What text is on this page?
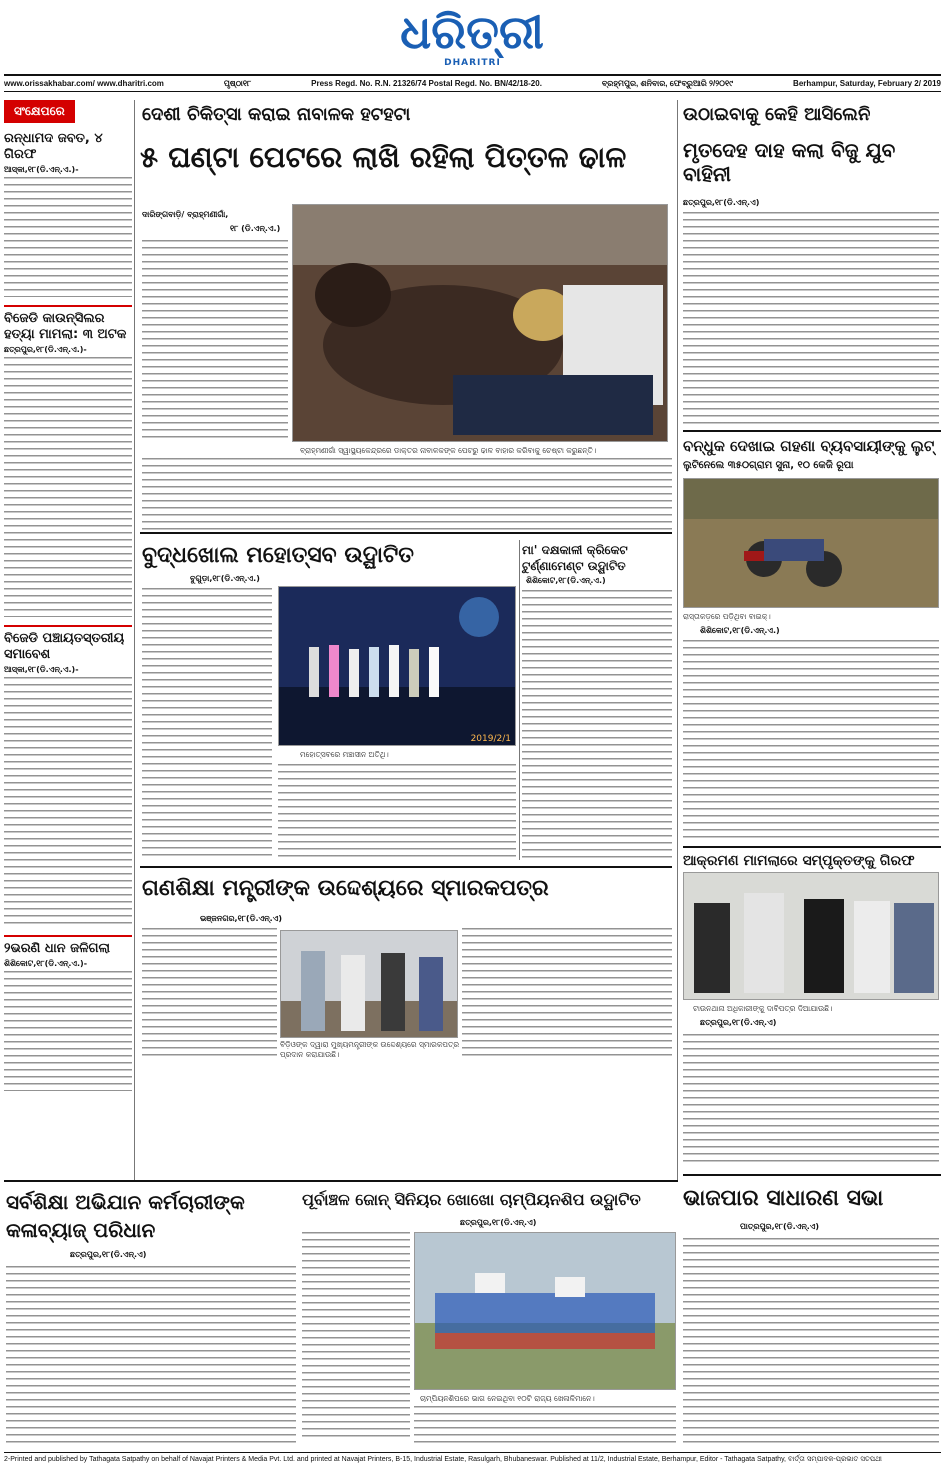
ଧରିତ୍ରୀ
DHARITRI
www.orissakhabar.com/ www.dharitri.com	ପୃଷ୍ଠା୧୮	Press Regd. No. R.N. 21326/74 Postal Regd. No. BN/42/18-20.	ବ୍ରହ୍ମପୁର, ଶନିବାର, ଫେବ୍ରୁଆରି ୨/୨୦୧୯	Berhampur, Saturday, February 2/ 2019
ସଂକ୍ଷେପରେ
ରନ୍ଧାମଦ ଜବତ, ୪ ଗିରଫ
ଆସ୍କା,୧୮(ଡି.ଏନ୍.ଏ.)-
ବିଜେଡି କାଉନ୍ସିଲର ହତ୍ୟା ମାମଲା: ୩ ଅଟକ
ଛତ୍ରପୁର,୧୮(ଡି.ଏନ୍.ଏ.)-
ବିଜେଡି ପଞ୍ଚାୟତସ୍ତରୀୟ ସମାବେଶ
ଆସ୍କା,୧୮(ଡି.ଏନ୍.ଏ.)-
୨ଭରଣି ଧାନ ଜଳିଗଲା
ଶିଶିକୋଟ,୧୮(ଡି.ଏନ୍.ଏ.)-
ଦେଶୀ ଚିକିତ୍ସା କରାଇ ନାବାଳକ ହଟହଟା
୫ ଘଣ୍ଟା ପେଟରେ ଲାଖି ରହିଲା ପିତ୍ତଳ ଢାଳ
ଦାରିଙ୍ଗବାଡ଼ି/ ବ୍ରାହ୍ମଣୀଗାଁ,
୧୮ (ଡି.ଏନ୍.ଏ.)
ବ୍ରାହ୍ମଣୀଗାଁ ସ୍ୱାସ୍ଥ୍ୟକେନ୍ଦ୍ରରେ ଡାକ୍ତର ନାବାଳକଙ୍କ ପେଟରୁ ଢାଳ ବାହାର କରିବାକୁ ଚେଷ୍ଟା କରୁଛନ୍ତି।
ଉଠାଇବାକୁ କେହି ଆସିଲେନି
ମୃତଦେହ ଦାହ କଲା ବିଜୁ ଯୁବ ବାହିନୀ
ଛତ୍ରପୁର,୧୮(ଡି.ଏନ୍.ଏ)
ବନ୍ଧୁକ ଦେଖାଇ ଗହଣା ବ୍ୟବସାୟୀଙ୍କୁ ଲୁଟ୍
ଲୁଟିନେଲେ ୩୫୦ଗ୍ରାମ ସୁନା, ୧୦ କେଜି ରୂପା
ରାସ୍ତାକଡ଼ରେ ପଡ଼ିଥିବା ବାଇକ୍।
ଶିଶିକୋଟ,୧୮(ଡି.ଏନ୍.ଏ.)
ବୁଦ୍ଧଖୋଲ ମହୋତ୍ସବ ଉଦ୍ଘାଟିତ
ବୁଗୁଡ଼ା,୧୮(ଡି.ଏନ୍.ଏ.)
2019/2/1
ମହୋତ୍ସବରେ ମଞ୍ଚାସୀନ ଅତିଥି।
ମା' ଦକ୍ଷକାଳୀ କ୍ରିକେଟ ଟୁର୍ଣ୍ଣାମେଣ୍ଟ ଉଦ୍ଘାଟିତ
ଶିଶିକୋଟ,୧୮(ଡି.ଏନ୍.ଏ.)
ଆକ୍ରମଣ ମାମଲାରେ ସମ୍ପୃକ୍ତଙ୍କୁ ଗିରଫ
ଟାଉନଥାନା ଅଧିକାରୀଙ୍କୁ ଦାବିପତ୍ର ଦିଆଯାଉଛି।
ଛତ୍ରପୁର,୧୮(ଡି.ଏନ୍.ଏ)
ଗଣଶିକ୍ଷା ମନ୍ତ୍ରୀଙ୍କ ଉଦ୍ଦେଶ୍ୟରେ ସ୍ମାରକପତ୍ର
ଭଞ୍ଜନଗର,୧୮(ଡି.ଏନ୍.ଏ)
ବିଡ଼ିଓଙ୍କ ଦ୍ୱାରା ମୁଖ୍ୟମନ୍ତ୍ରୀଙ୍କ ଉଦ୍ଦେଶ୍ୟରେ ସ୍ମାରକପତ୍ର ପ୍ରଦାନ କରାଯାଉଛି।
ସର୍ବଶିକ୍ଷା ଅଭିଯାନ କର୍ମଚାରୀଙ୍କ କଳାବ୍ୟାଜ୍ ପରିଧାନ
ଛତ୍ରପୁର,୧୮(ଡି.ଏନ୍.ଏ)
ପୂର୍ବାଞ୍ଚଳ ଜୋନ୍ ସିନିୟର ଖୋଖୋ ଚାମ୍ପିୟନଶିପ ଉଦ୍ଘାଟିତ
ଛତ୍ରପୁର,୧୮(ଡି.ଏନ୍.ଏ)
ଚାମ୍ପିୟନଶିପରେ ଭାଗ ନେଇଥିବା ୧୦ଟି ରାଜ୍ୟ ଖେଳାଳିମାନେ।
ଭାଜପାର ସାଧାରଣ ସଭା
ପାତ୍ରପୁର,୧୮(ଡି.ଏନ୍.ଏ)
2-Printed and published by Tathagata Satpathy on behalf of Navajat Printers & Media Pvt. Ltd. and printed at Navajat Printers, B-15, Industrial Estate, Rasulgarh, Bhubaneswar. Published at 11/2, Industrial Estate, Berhampur, Editor - Tathagata Satpathy, ବାର୍ତ୍ତା ସମ୍ପାଦକ-ପ୍ରଭାତ ସତପଥୀ
